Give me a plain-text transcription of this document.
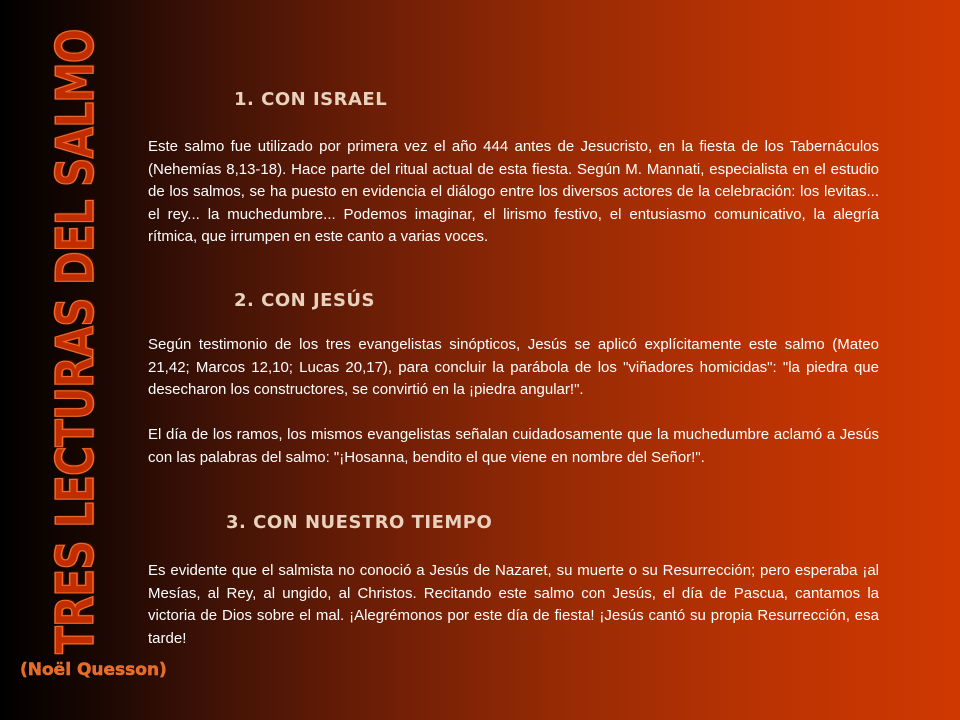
TRES LECTURAS DEL SALMO
(Noël Quesson)
1. CON ISRAEL

Este salmo fue utilizado por primera vez el año 444 antes de Jesucristo, en la fiesta de los Tabernáculos (Nehemías 8,13-18). Hace parte del ritual actual de esta fiesta. Según M. Mannati, especialista en el estudio de los salmos, se ha puesto en evidencia el diálogo entre los diversos actores de la celebración: los levitas... el rey... la muchedumbre... Podemos imaginar, el lirismo festivo, el entusiasmo comunicativo, la alegría rítmica, que irrumpen en este canto a varias voces.

2. CON JESÚS

Según testimonio de los tres evangelistas sinópticos, Jesús se aplicó explícitamente este salmo (Mateo 21,42; Marcos 12,10; Lucas 20,17), para concluir la parábola de los "viñadores homicidas": "la piedra que desecharon los constructores, se convirtió en la ¡piedra angular!".

El día de los ramos, los mismos evangelistas señalan cuidadosamente que la muchedumbre aclamó a Jesús con las palabras del salmo: "¡Hosanna, bendito el que viene en nombre del Señor!".

3. CON NUESTRO TIEMPO

Es evidente que el salmista no conoció a Jesús de Nazaret, su muerte o su Resurrección; pero esperaba ¡al Mesías, al Rey, al ungido, al Christos. Recitando este salmo con Jesús, el día de Pascua, cantamos la victoria de Dios sobre el mal. ¡Alegrémonos por este día de fiesta! ¡Jesús cantó su propia Resurrección, esa tarde!
